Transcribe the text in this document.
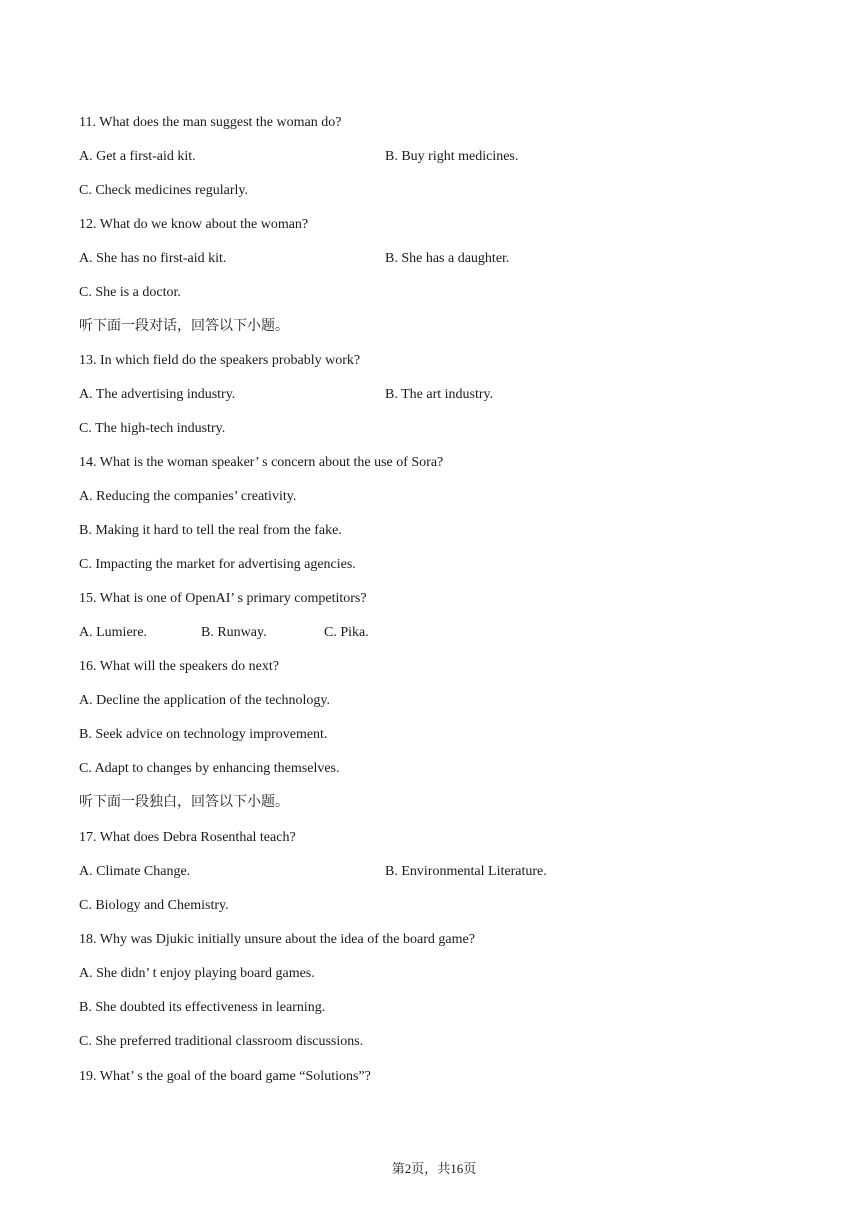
11. What does the man suggest the woman do?
A. Get a first-aid kit.	B. Buy right medicines.
C. Check medicines regularly.
12. What do we know about the woman?
A. She has no first-aid kit.	B. She has a daughter.
C. She is a doctor.
听下面一段对话，回答以下小题。
13. In which field do the speakers probably work?
A. The advertising industry.	B. The art industry.
C. The high-tech industry.
14. What is the woman speaker’ s concern about the use of Sora?
A. Reducing the companies’ creativity.
B. Making it hard to tell the real from the fake.
C. Impacting the market for advertising agencies.
15. What is one of OpenAI’ s primary competitors?
A. Lumiere.	B. Runway.	C. Pika.
16. What will the speakers do next?
A. Decline the application of the technology.
B. Seek advice on technology improvement.
C. Adapt to changes by enhancing themselves.
听下面一段独白，回答以下小题。
17. What does Debra Rosenthal teach?
A. Climate Change.	B. Environmental Literature.
C. Biology and Chemistry.
18. Why was Djukic initially unsure about the idea of the board game?
A. She didn’ t enjoy playing board games.
B. She doubted its effectiveness in learning.
C. She preferred traditional classroom discussions.
19. What’ s the goal of the board game “Solutions”?
第2页，共16页
